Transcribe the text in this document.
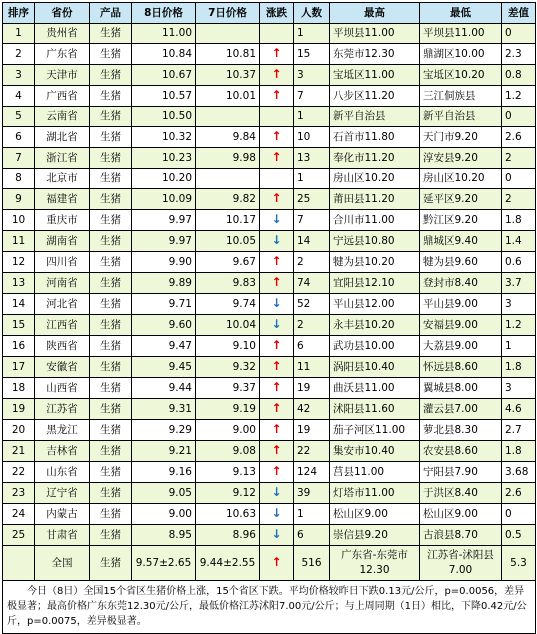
排序	省份	产品	8日价格	7日价格	涨跌	人数	最高	最低	差值
1	贵州省	生猪	11.00			1	平坝县11.00	平坝县11.00	0
2	广东省	生猪	10.84	10.81	↑	15	东莞市12.30	鼎湖区10.00	2.3
3	天津市	生猪	10.67	10.37	↑	3	宝坻区11.00	宝坻区10.20	0.8
4	广西省	生猪	10.57	10.01	↑	7	八步区11.20	三江侗族县	1.2
5	云南省	生猪	10.50			1	新平自治县	新平自治县	0
6	湖北省	生猪	10.32	9.84	↑	10	石首市11.80	天门市9.20	2.6
7	浙江省	生猪	10.23	9.98	↑	13	奉化市11.20	淳安县9.20	2
8	北京市	生猪	10.20			1	房山区10.20	房山区10.20	0
9	福建省	生猪	10.09	9.82	↑	25	莆田县11.20	延平区9.20	2
10	重庆市	生猪	9.97	10.17	↓	7	合川市11.00	黔江区9.20	1.8
11	湖南省	生猪	9.97	10.05	↓	14	宁远县10.80	鼎城区9.40	1.4
12	四川省	生猪	9.90	9.67	↑	2	犍为县10.20	犍为县9.60	0.6
13	河南省	生猪	9.89	9.83	↑	74	宜阳县12.10	登封市8.40	3.7
14	河北省	生猪	9.71	9.74	↓	52	平山县12.00	平山县9.00	3
15	江西省	生猪	9.60	10.04	↓	2	永丰县10.20	安福县9.00	1.2
16	陕西省	生猪	9.47	9.10	↑	6	武功县10.00	大荔县9.00	1
17	安徽省	生猪	9.45	9.32	↑	11	涡阳县10.40	怀远县8.60	1.8
18	山西省	生猪	9.44	9.37	↑	19	曲沃县11.00	翼城县8.00	3
19	江苏省	生猪	9.31	9.19	↑	42	沭阳县11.60	灌云县7.00	4.6
20	黑龙江	生猪	9.29	9.00	↑	19	茄子河区11.00	萝北县8.30	2.7
21	吉林省	生猪	9.21	9.08	↑	22	集安市10.40	农安县8.60	1.8
22	山东省	生猪	9.16	9.13	↑	124	莒县11.00	宁阳县7.90	3.68
23	辽宁省	生猪	9.05	9.12	↓	39	灯塔市11.00	于洪区8.40	2.6
24	内蒙古	生猪	9.00	10.63	↓	1	松山区9.00	松山区9.00	0
25	甘肃省	生猪	8.95	8.96	↓	6	崇信县9.20	古浪县8.70	0.5
	全国	生猪	9.57±2.65	9.44±2.55	↑	516	广东省-东莞市12.30	江苏省-沭阳县7.00	5.3
今日（8日）全国15个省区生猪价格上涨，15个省区下跌。平均价格较昨日下跌0.13元/公斤，p=0.0056，差异极显著；最高价格广东东莞12.30元/公斤，最低价格江苏沭阳7.00元/公斤；与上周同期（1日）相比，下降0.42元/公斤，p=0.0075，差异极显著。									
